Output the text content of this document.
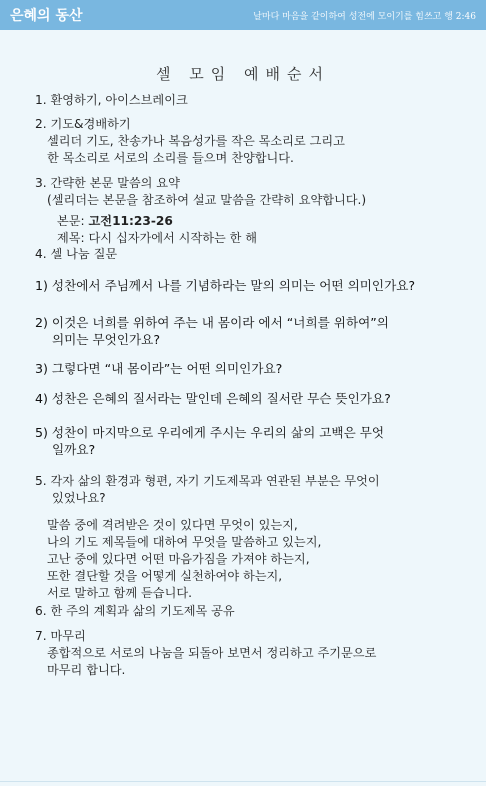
은혜의 동산	날마다 마음을 같이하여 성전에 모이기를 힘쓰고 행 2:46
셀 모임 예배순서
1. 환영하기, 아이스브레이크
2. 기도&경배하기
셀리더 기도, 찬송가나 복음성가를 작은 목소리로 그리고
한 목소리로 서로의 소리를 들으며 찬양합니다.
3. 간략한 본문 말씀의 요약
(셀리더는 본문을 참조하여 설교 말씀을 간략히 요약합니다.)
본문: 고전11:23-26
제목: 다시 십자가에서 시작하는 한 해
4. 셀 나눔 질문
1) 성찬에서 주님께서 나를 기념하라는 말의 의미는 어떤 의미인가요?
2) 이것은 너희를 위하여 주는 내 몸이라 에서 “너희를 위하여”의
의미는 무엇인가요?
3) 그렇다면 “내 몸이라”는 어떤 의미인가요?
4) 성찬은 은혜의 질서라는 말인데 은혜의 질서란 무슨 뜻인가요?
5) 성찬이 마지막으로 우리에게 주시는 우리의 삶의 고백은 무엇
일까요?
5. 각자 삶의 환경과 형편, 자기 기도제목과 연관된 부분은 무엇이
있었나요?
말씀 중에 격려받은 것이 있다면 무엇이 있는지,
나의 기도 제목들에 대하여 무엇을 말씀하고 있는지,
고난 중에 있다면 어떤 마음가짐을 가져야 하는지,
또한 결단할 것을 어떻게 실천하여야 하는지,
서로 말하고 함께 듣습니다.
6. 한 주의 계획과 삶의 기도제목 공유
7. 마무리
종합적으로 서로의 나눔을 되돌아 보면서 정리하고 주기문으로
마무리 합니다.
